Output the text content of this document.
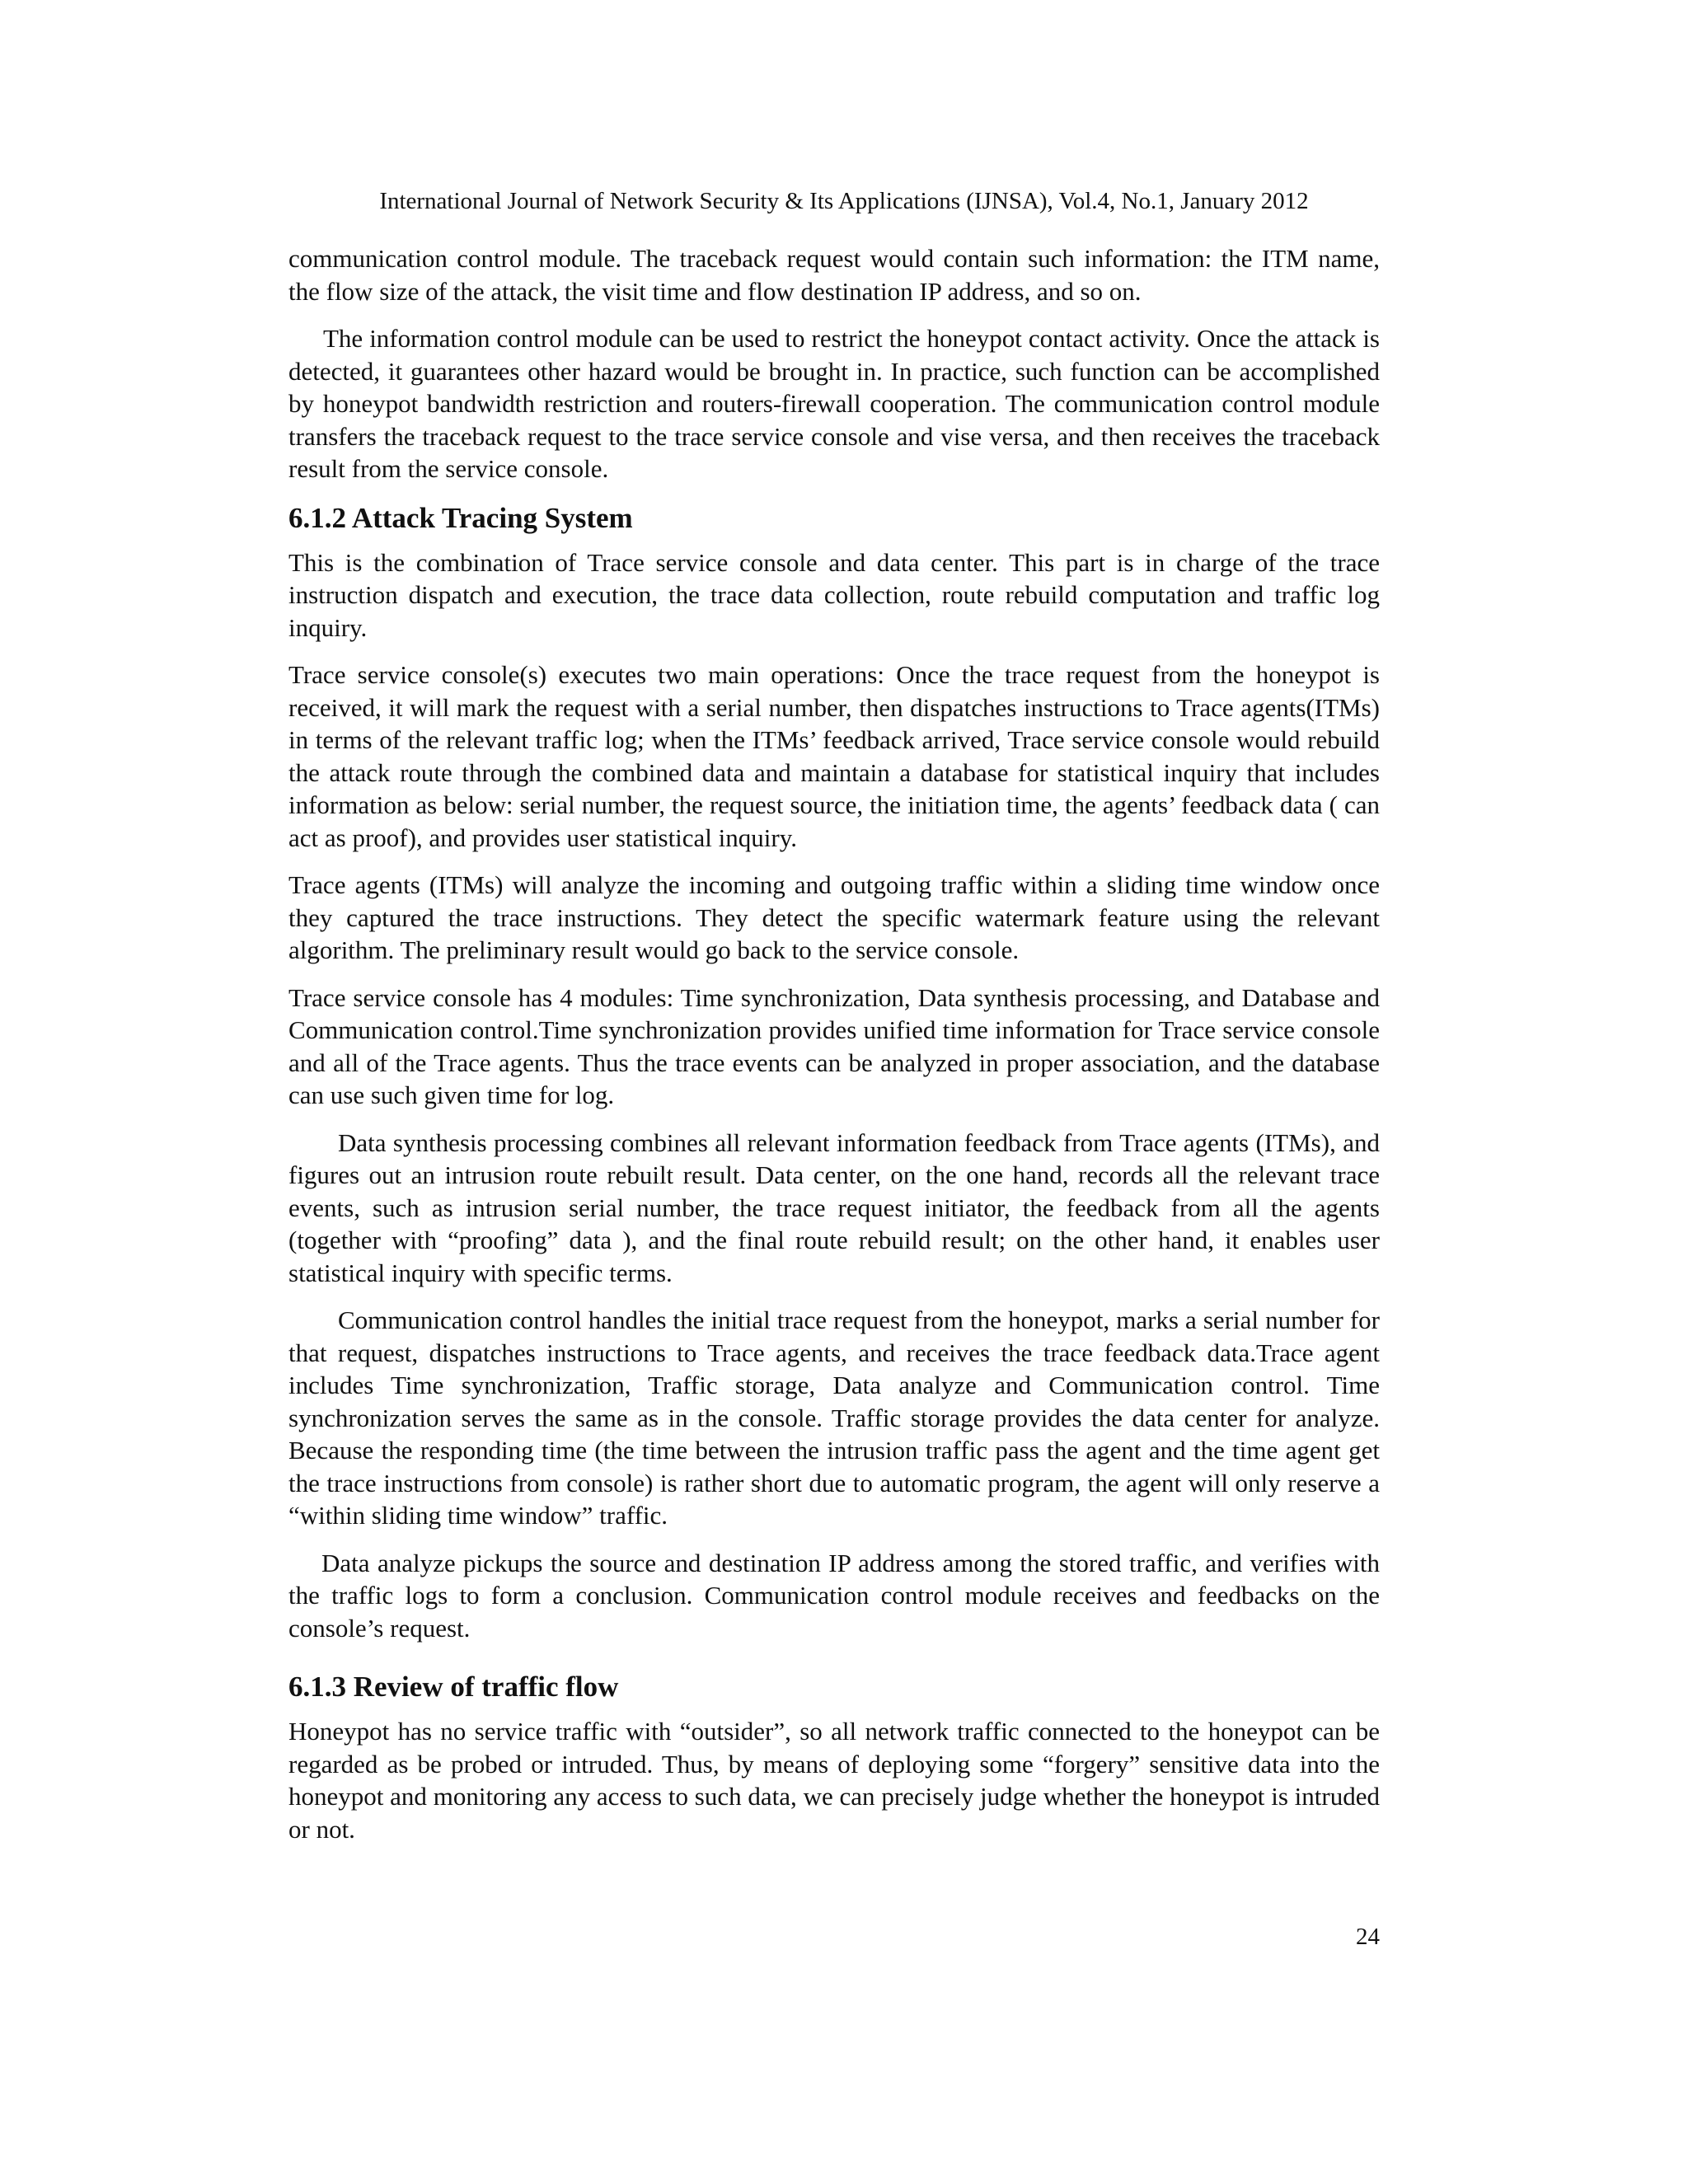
International Journal of Network Security & Its Applications (IJNSA), Vol.4, No.1, January 2012

communication control module. The traceback request would contain such information: the ITM name, the flow size of the attack, the visit time and flow destination IP address, and so on.

The information control module can be used to restrict the honeypot contact activity. Once the attack is detected, it guarantees other hazard would be brought in. In practice, such function can be accomplished by honeypot bandwidth restriction and routers-firewall cooperation. The communication control module transfers the traceback request to the trace service console and vise versa, and then receives the traceback result from the service console.

6.1.2 Attack Tracing System

This is the combination of Trace service console and data center. This part is in charge of the trace instruction dispatch and execution, the trace data collection, route rebuild computation and traffic log inquiry.

Trace service console(s) executes two main operations: Once the trace request from the honeypot is received, it will mark the request with a serial number, then dispatches instructions to Trace agents(ITMs) in terms of the relevant traffic log; when the ITMs’ feedback arrived, Trace service console would rebuild the attack route through the combined data and maintain a database for statistical inquiry that includes information as below: serial number, the request source, the initiation time, the agents’ feedback data ( can act as proof), and provides user statistical inquiry.

Trace agents (ITMs) will analyze the incoming and outgoing traffic within a sliding time window once they captured the trace instructions. They detect the specific watermark feature using the relevant algorithm. The preliminary result would go back to the service console.

Trace service console has 4 modules: Time synchronization, Data synthesis processing, and Database and Communication control.Time synchronization provides unified time information for Trace service console and all of the Trace agents. Thus the trace events can be analyzed in proper association, and the database can use such given time for log.

Data synthesis processing combines all relevant information feedback from Trace agents (ITMs), and figures out an intrusion route rebuilt result. Data center, on the one hand, records all the relevant trace events, such as intrusion serial number, the trace request initiator, the feedback from all the agents (together with “proofing” data ), and the final route rebuild result; on the other hand, it enables user statistical inquiry with specific terms.

Communication control handles the initial trace request from the honeypot, marks a serial number for that request, dispatches instructions to Trace agents, and receives the trace feedback data.Trace agent includes Time synchronization, Traffic storage, Data analyze and Communication control. Time synchronization serves the same as in the console. Traffic storage provides the data center for analyze. Because the responding time (the time between the intrusion traffic pass the agent and the time agent get the trace instructions from console) is rather short due to automatic program, the agent will only reserve a “within sliding time window” traffic.

Data analyze pickups the source and destination IP address among the stored traffic, and verifies with the traffic logs to form a conclusion. Communication control module receives and feedbacks on the console’s request.

6.1.3 Review of traffic flow

Honeypot has no service traffic with “outsider”, so all network traffic connected to the honeypot can be regarded as be probed or intruded. Thus, by means of deploying some “forgery” sensitive data into the honeypot and monitoring any access to such data, we can precisely judge whether the honeypot is intruded or not.

24
